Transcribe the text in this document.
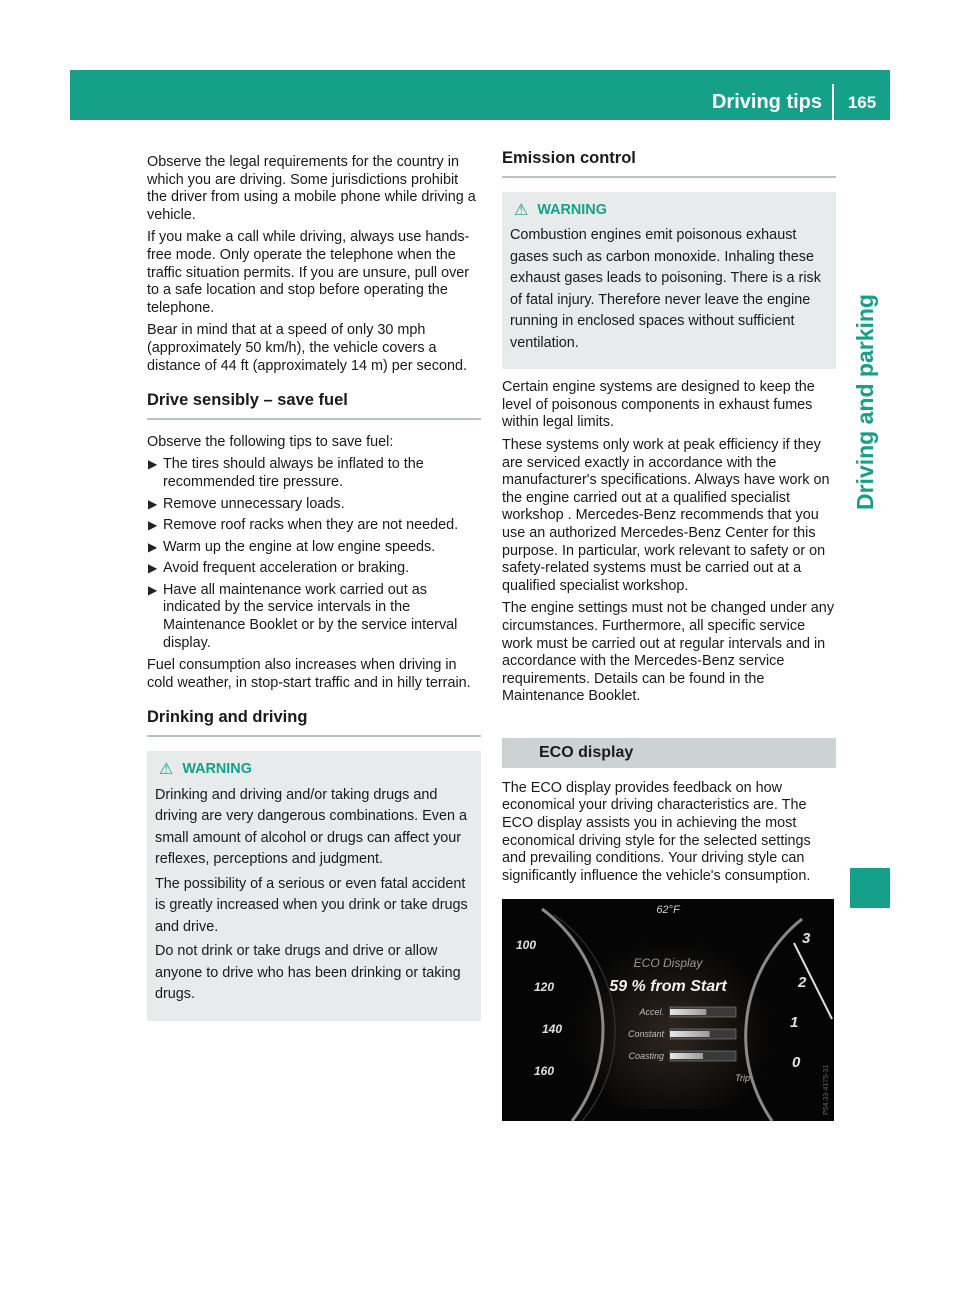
Driving tips	165
Driving and parking

Observe the legal requirements for the country in which you are driving. Some jurisdictions prohibit the driver from using a mobile phone while driving a vehicle.

If you make a call while driving, always use hands-free mode. Only operate the telephone when the traffic situation permits. If you are unsure, pull over to a safe location and stop before operating the telephone.

Bear in mind that at a speed of only 30 mph (approximately 50 km/h), the vehicle covers a distance of 44 ft (approximately 14 m) per second.

Drive sensibly – save fuel

Observe the following tips to save fuel:

▶ The tires should always be inflated to the recommended tire pressure.
▶ Remove unnecessary loads.
▶ Remove roof racks when they are not needed.
▶ Warm up the engine at low engine speeds.
▶ Avoid frequent acceleration or braking.
▶ Have all maintenance work carried out as indicated by the service intervals in the Maintenance Booklet or by the service interval display.

Fuel consumption also increases when driving in cold weather, in stop-start traffic and in hilly terrain.

Drinking and driving
⚠ WARNING

Drinking and driving and/or taking drugs and driving are very dangerous combinations. Even a small amount of alcohol or drugs can affect your reflexes, perceptions and judgment.

The possibility of a serious or even fatal accident is greatly increased when you drink or take drugs and drive.

Do not drink or take drugs and drive or allow anyone to drive who has been drinking or taking drugs.

Emission control
⚠ WARNING

Combustion engines emit poisonous exhaust gases such as carbon monoxide. Inhaling these exhaust gases leads to poisoning. There is a risk of fatal injury. Therefore never leave the engine running in enclosed spaces without sufficient ventilation.

Certain engine systems are designed to keep the level of poisonous components in exhaust fumes within legal limits.

These systems only work at peak efficiency if they are serviced exactly in accordance with the manufacturer's specifications. Always have work on the engine carried out at a qualified specialist workshop . Mercedes-Benz recommends that you use an authorized Mercedes-Benz Center for this purpose. In particular, work relevant to safety or on safety-related systems must be carried out at a qualified specialist workshop.

The engine settings must not be changed under any circumstances. Furthermore, all specific service work must be carried out at regular intervals and in accordance with the Mercedes-Benz service requirements. Details can be found in the Maintenance Booklet.

ECO display

The ECO display provides feedback on how economical your driving characteristics are. The ECO display assists you in achieving the most economical driving style for the selected settings and prevailing conditions. Your driving style can significantly influence the vehicle's consumption.

100
120
140
160
3
2
1
0
62°F
ECO Display
59 % from Start
Accel.
Constant
Coasting
Trip	P54.33-4175-31
